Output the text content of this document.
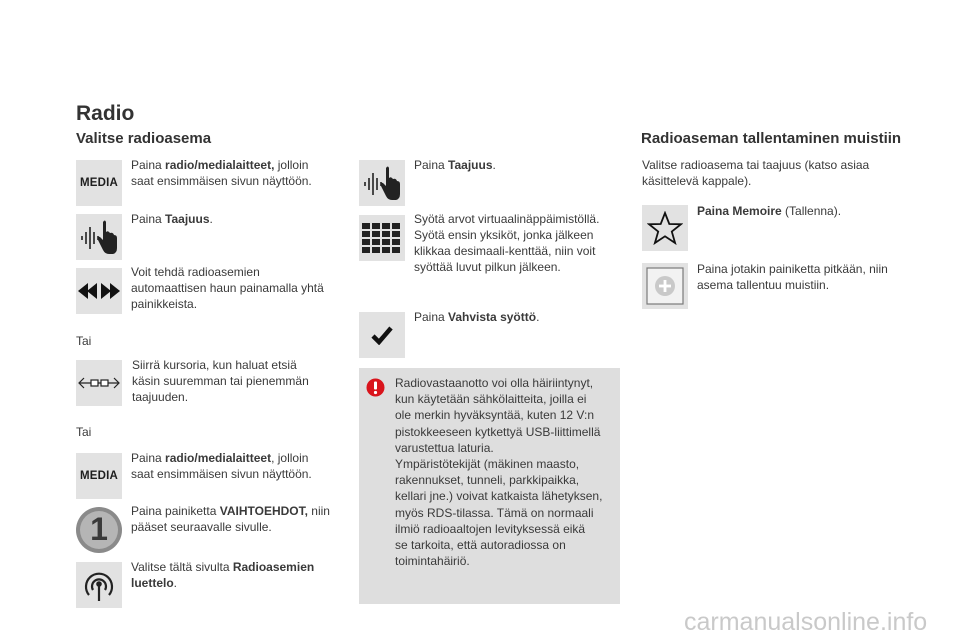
Radio
Valitse radioasema	Radioaseman tallentaminen muistiin
MEDIA
Paina radio/medialaitteet, jolloin
saat ensimmäisen sivun näyttöön.
Paina Taajuus.
Voit tehdä radioasemien
automaattisen haun painamalla yhtä
painikkeista.
Tai
Siirrä kursoria, kun haluat etsiä
käsin suuremman tai pienemmän
taajuuden.
Tai
MEDIA
Paina radio/medialaitteet, jolloin
saat ensimmäisen sivun näyttöön.
1	Paina painiketta VAIHTOEHDOT, niin
pääset seuraavalle sivulle.
Valitse tältä sivulta Radioasemien
luettelo.
Paina Taajuus.
Syötä arvot virtuaalinäppäimistöllä.
Syötä ensin yksiköt, jonka jälkeen
klikkaa desimaali-kenttää, niin voit
syöttää luvut pilkun jälkeen.
Paina Vahvista syöttö.
Radiovastaanotto voi olla häiriintynyt,
kun käytetään sähkölaitteita, joilla ei
ole merkin hyväksyntää, kuten 12 V:n
pistokkeeseen kytkettyä USB-liittimellä
varustettua laturia.
Ympäristötekijät (mäkinen maasto,
rakennukset, tunneli, parkkipaikka,
kellari jne.) voivat katkaista lähetyksen,
myös RDS-tilassa. Tämä on normaali
ilmiö radioaaltojen levityksessä eikä
se tarkoita, että autoradiossa on
toimintahäiriö.
Valitse radioasema tai taajuus (katso asiaa
käsittelevä kappale).
Paina Memoire (Tallenna).
Paina jotakin painiketta pitkään, niin
asema tallentuu muistiin.
carmanualsonline.info
